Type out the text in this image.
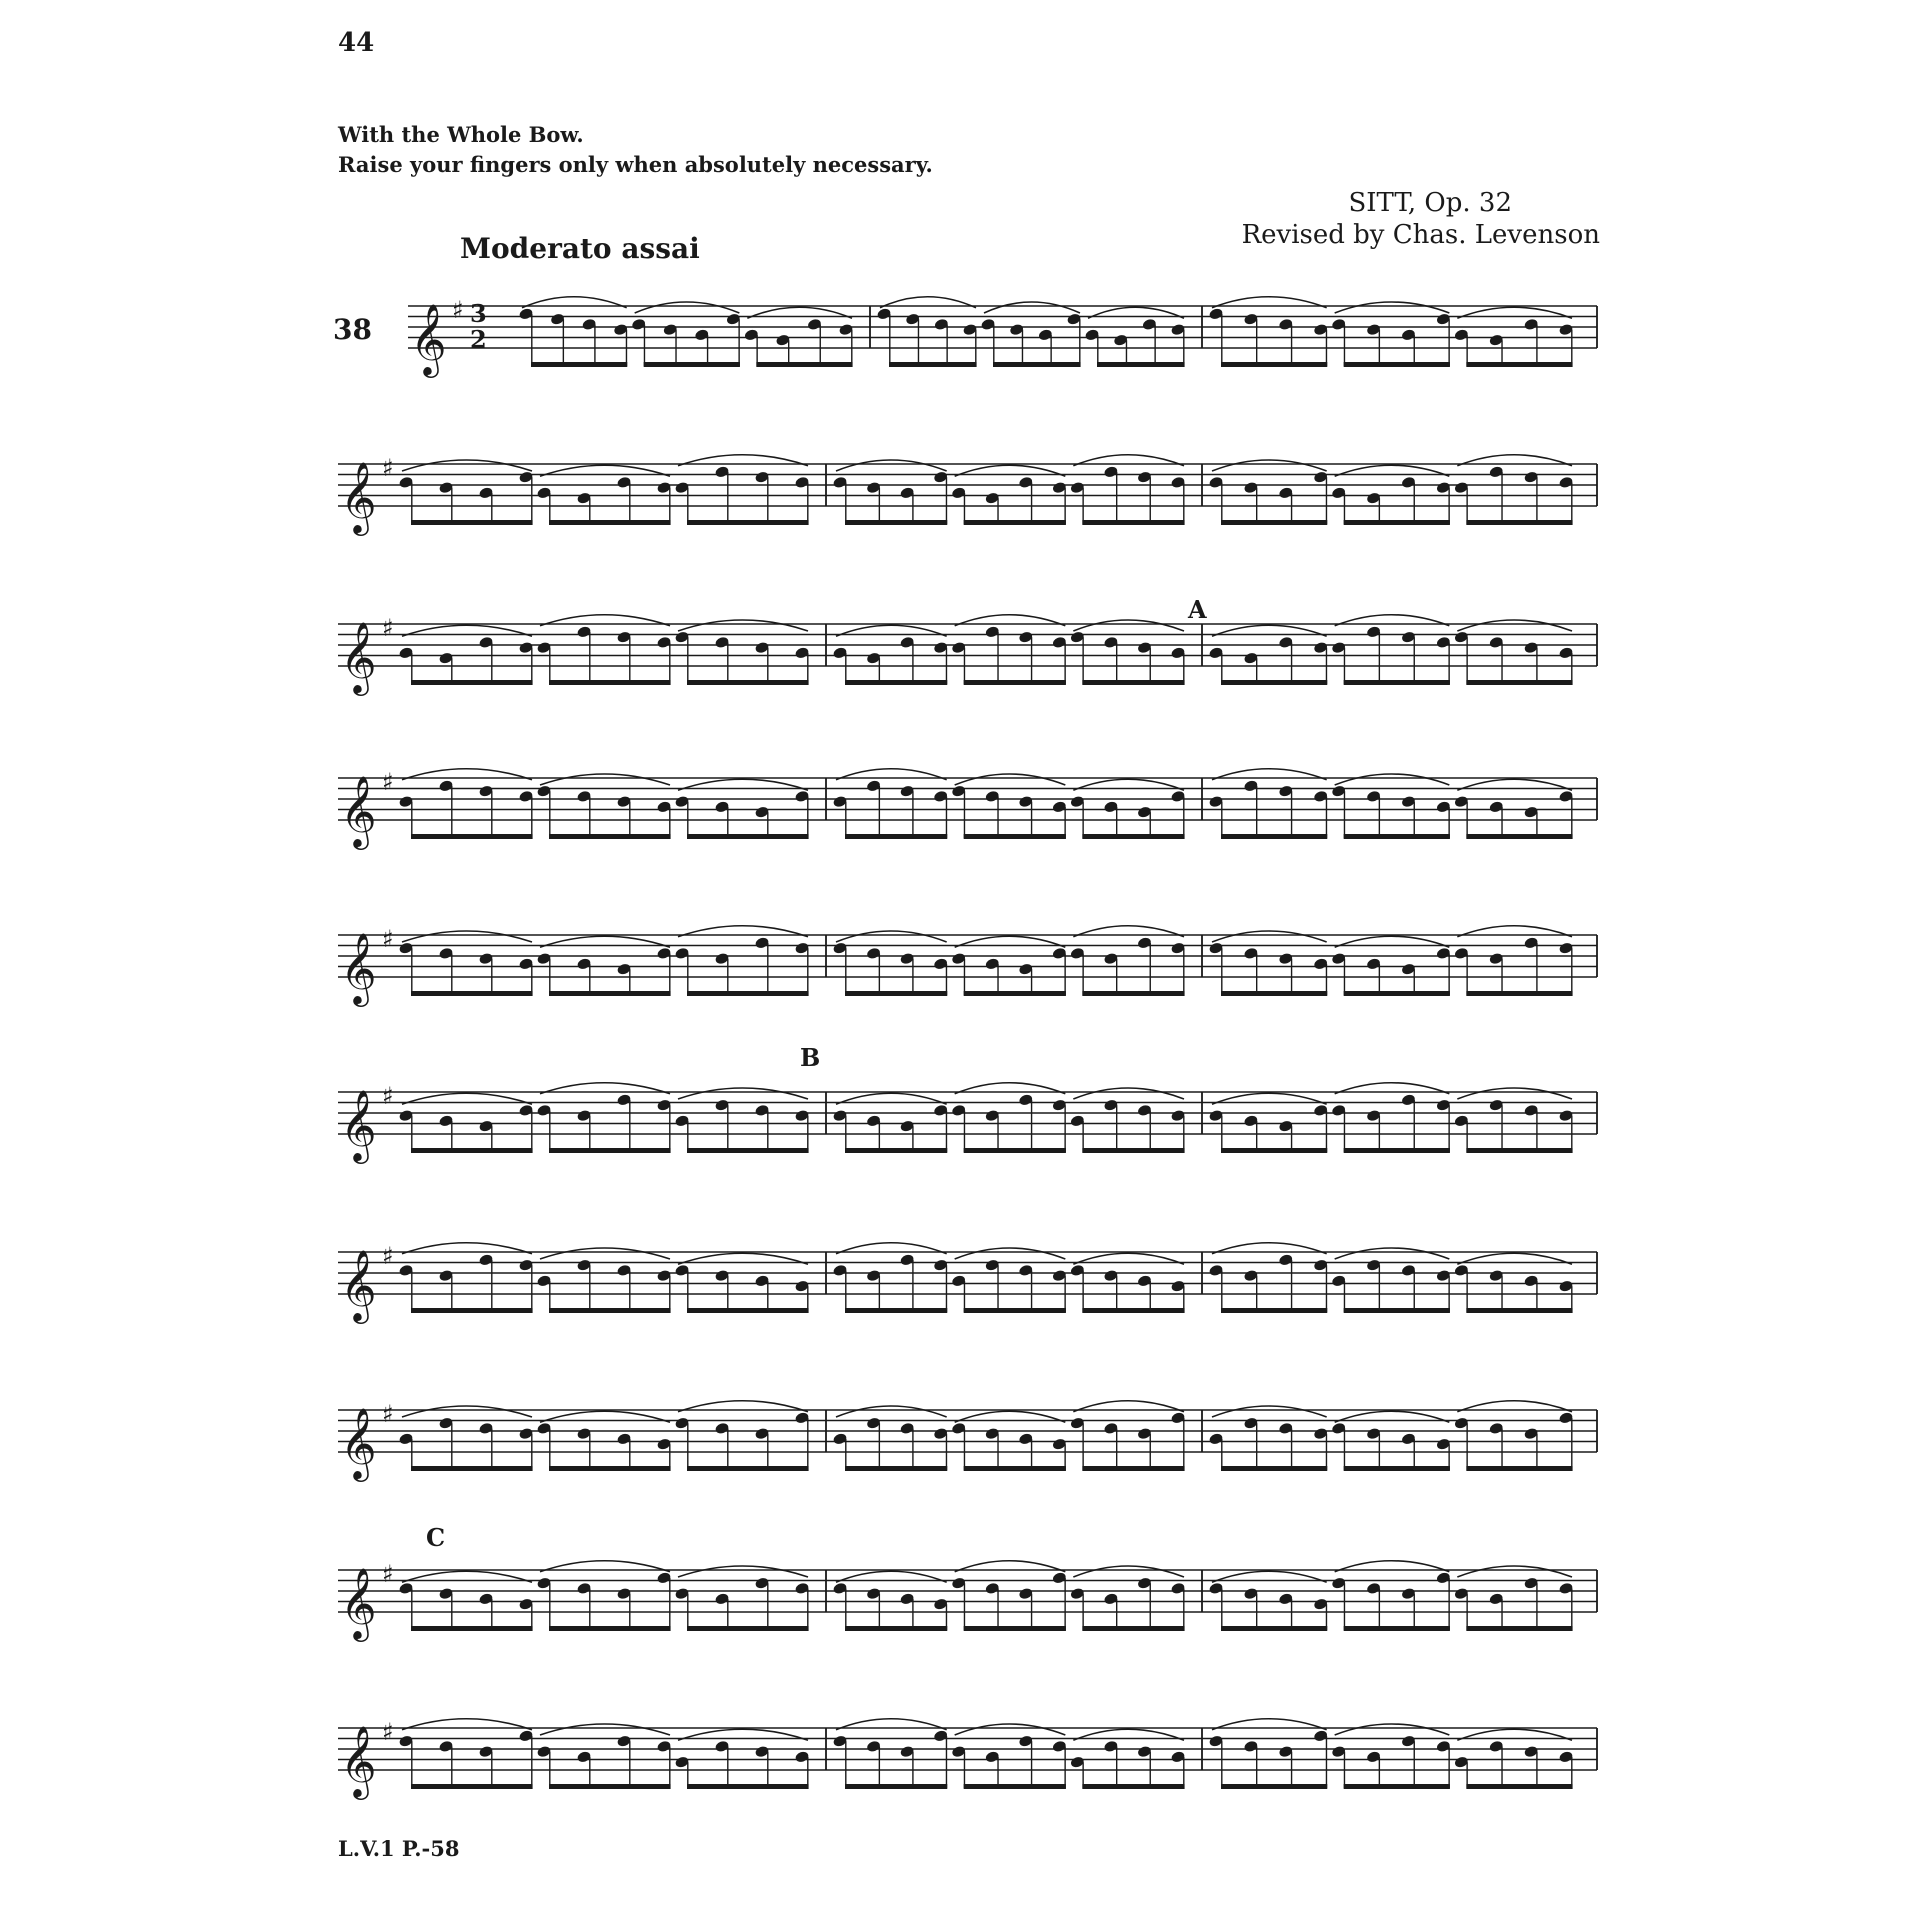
44
With the Whole Bow.
Raise your fingers only when absolutely necessary.
SITT, Op. 32
Revised by Chas. Levenson
Moderato assai
38 𝄞 ♯
𝄞 ♯
𝄞 ♯
𝄞 ♯
𝄞 ♯
𝄞 ♯
𝄞 ♯
𝄞 ♯
𝄞 ♯
𝄞 ♯
3
2
A
B
C
L.V.1 P.-58
